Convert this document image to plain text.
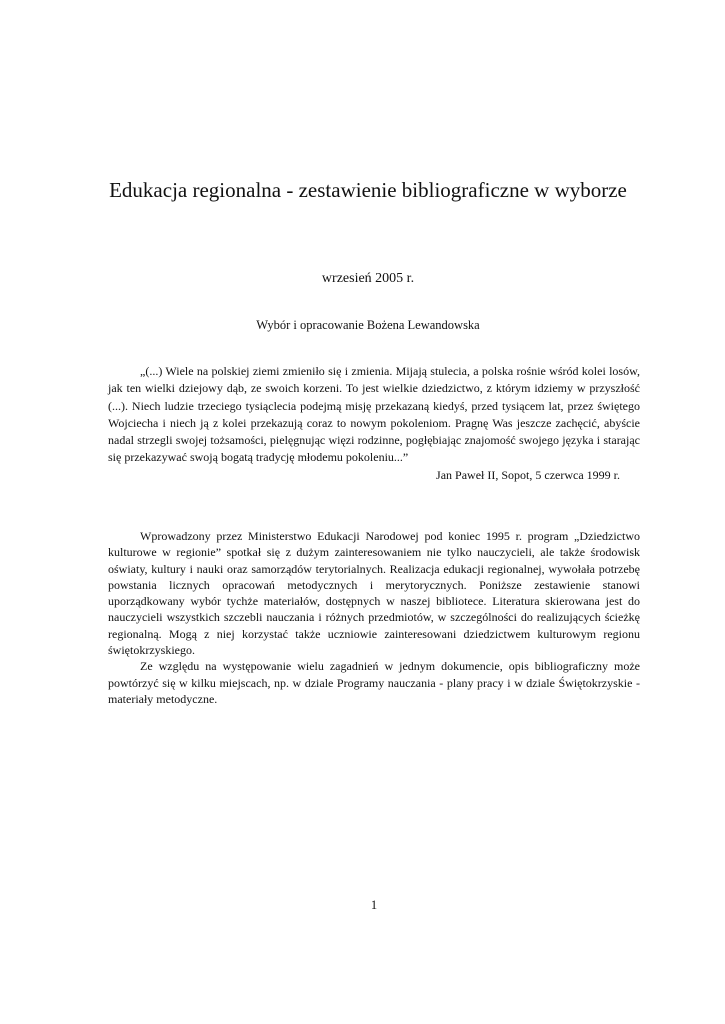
Edukacja regionalna - zestawienie bibliograficzne w wyborze

wrzesień 2005 r.

Wybór i opracowanie Bożena Lewandowska

„(...) Wiele na polskiej ziemi zmieniło się i zmienia. Mijają stulecia, a polska rośnie wśród kolei losów, jak ten wielki dziejowy dąb, ze swoich korzeni. To jest wielkie dziedzictwo, z którym idziemy w przyszłość (...). Niech ludzie trzeciego tysiąclecia podejmą misję przekazaną kiedyś, przed tysiącem lat, przez świętego Wojciecha i niech ją z kolei przekazują coraz to nowym pokoleniom. Pragnę Was jeszcze zachęcić, abyście nadal strzegli swojej tożsamości, pielęgnując więzi rodzinne, pogłębiając znajomość swojego języka i starając się przekazywać swoją bogatą tradycję młodemu pokoleniu...”

Jan Paweł II, Sopot, 5 czerwca 1999 r.

Wprowadzony przez Ministerstwo Edukacji Narodowej pod koniec 1995 r. program „Dziedzictwo kulturowe w regionie” spotkał się z dużym zainteresowaniem nie tylko nauczycieli, ale także środowisk oświaty, kultury i nauki oraz samorządów terytorialnych. Realizacja edukacji regionalnej, wywołała potrzebę powstania licznych opracowań metodycznych i merytorycznych. Poniższe zestawienie stanowi uporządkowany wybór tychże materiałów, dostępnych w naszej bibliotece. Literatura skierowana jest do nauczycieli wszystkich szczebli nauczania i różnych przedmiotów, w szczególności do realizujących ścieżkę regionalną. Mogą z niej korzystać także uczniowie zainteresowani dziedzictwem kulturowym regionu świętokrzyskiego.

Ze względu na występowanie wielu zagadnień w jednym dokumencie, opis bibliograficzny może powtórzyć się w kilku miejscach, np. w dziale Programy nauczania - plany pracy i w dziale Świętokrzyskie - materiały metodyczne.

1
